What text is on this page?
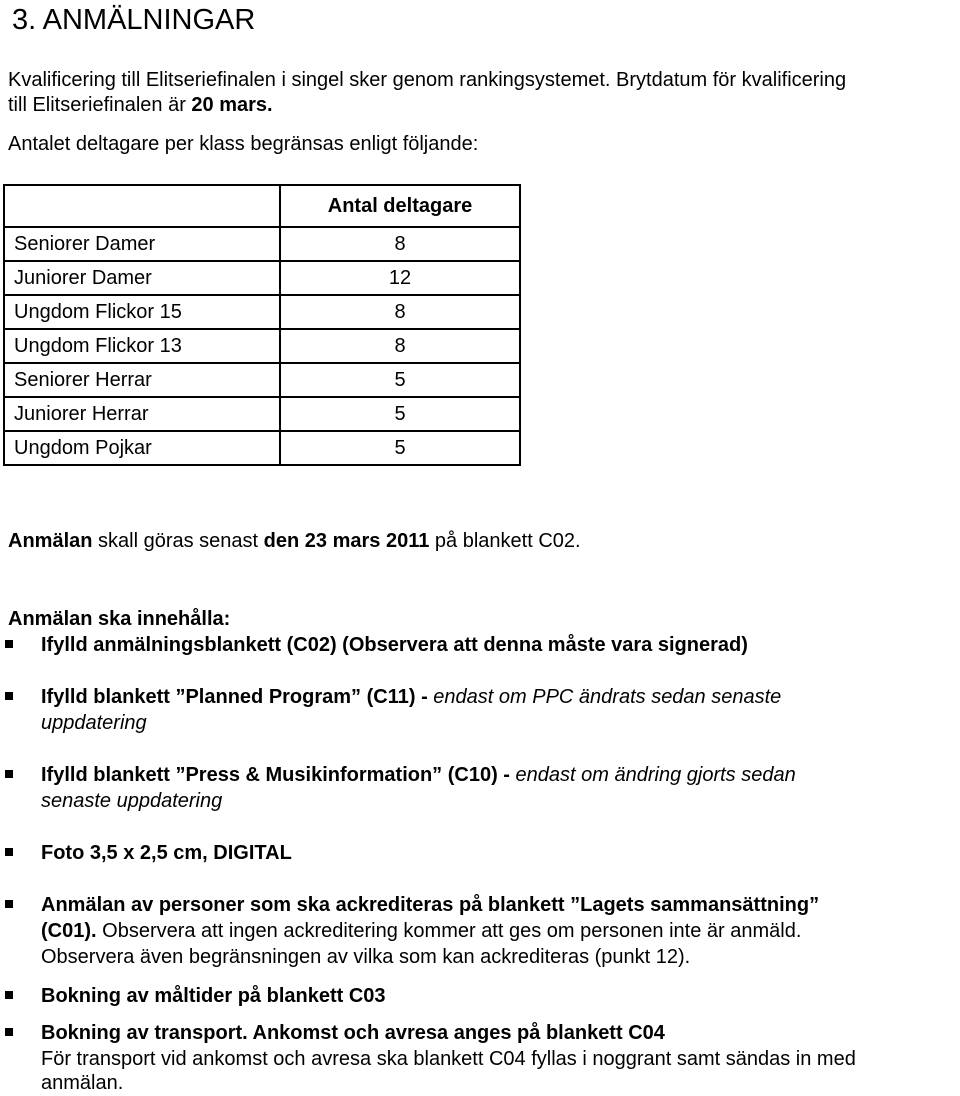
3. ANMÄLNINGAR

Kvalificering till Elitseriefinalen i singel sker genom rankingsystemet. Brytdatum för kvalificering

till Elitseriefinalen är 20 mars.

Antalet deltagare per klass begränsas enligt följande:

	Antal deltagare
Seniorer Damer	8
Juniorer Damer	12
Ungdom Flickor 15	8
Ungdom Flickor 13	8
Seniorer Herrar	5
Juniorer Herrar	5
Ungdom Pojkar	5

Anmälan skall göras senast den 23 mars 2011 på blankett C02.

Anmälan ska innehålla:

Ifylld anmälningsblankett (C02) (Observera att denna måste vara signerad)

Ifylld blankett ”Planned Program” (C11) - endast om PPC ändrats sedan senaste

uppdatering

Ifylld blankett ”Press & Musikinformation” (C10) - endast om ändring gjorts sedan

senaste uppdatering

Foto 3,5 x 2,5 cm, DIGITAL

Anmälan av personer som ska ackrediteras på blankett ”Lagets sammansättning”

(C01). Observera att ingen ackreditering kommer att ges om personen inte är anmäld.

Observera även begränsningen av vilka som kan ackrediteras (punkt 12).

Bokning av måltider på blankett C03

Bokning av transport. Ankomst och avresa anges på blankett C04

För transport vid ankomst och avresa ska blankett C04 fyllas i noggrant samt sändas in med

anmälan.
